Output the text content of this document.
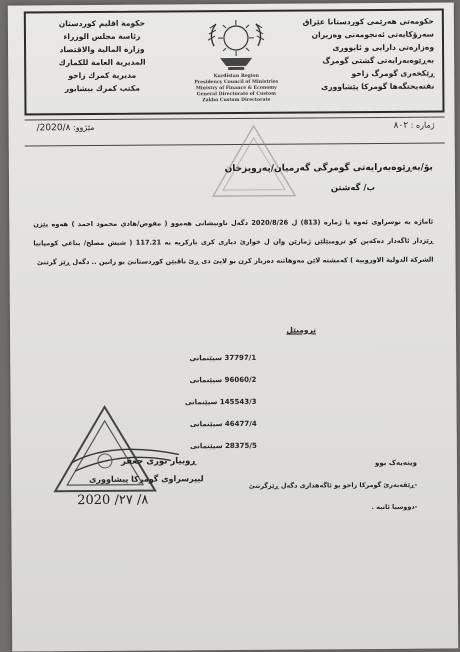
حکومەتی هەرێمی کوردستانا عێراق
سەرۆکایەتی ئەنجومەنی وەزیران
وەزارەتی دارایی و ئابووری
بەڕێوەبەرایەتی گشتی گومرگ
ڕێکخەری گومرگ زاخو
نقتەیحتگەها گومرکا پێشاووری
Kurdistan Region
Presidency Council of Ministries
Ministry of Finance & Economy
General Directorate of Custom
Zakho Custom Directorate
حكومة اقليم كوردستان
رئاسة مجلس الوزراء
وزارة المالية والاقتصاد
المديرية العامة للكمارك
مديرية كمرك زاخو
مكتب كمرك بيشابور
ژمارە : ٨٠٢
مێژوو: 2020/٨/
بۆ/بەڕێوەبەرایەتی گومرگی گەرمیان/پەرویزخان
ب/ گەشتن
ئاماژە بە نوسراوی ئەوە یا ژمارە (813) ل 2020/8/26 دگەل ناونیشانی هەموو ( مفوض/هادي محمود احمد ) هەوە پێزن ڕێزدار ئاگەدار دەکەین کو ترومبێلێن ژمارێن وان ل خوارێ دیاری کری بارکریە بە 117.21 ( شيش مصلح/ بناغي كومپانيا الشركة الدولية الاوروبية ) کەمشتە لاێن مەوهاتنە دەرباز کرن بو لایێ دی ڕێ ناڤبێن کوردستانێ بو زانین .. دگەل ڕێز گرتنێ
ترومبێل
37797/1 سيێنمانی
96060/2 سيێنمانی
145543/3 سيێنمانی
46477/4 سيێنمانی
28375/5 سيێنمانی
ڕوبیار نوری جعفر
لیپرسراوی گومرکا پیشاووری
2020 /٨/ ٢٧
وینەیەک بوو
-ڕێڤەبەرێ گومرکا زاخو بو ئاگەهداری دگەل ڕێزگرتنێ
-دووسیا ئاتیە .
